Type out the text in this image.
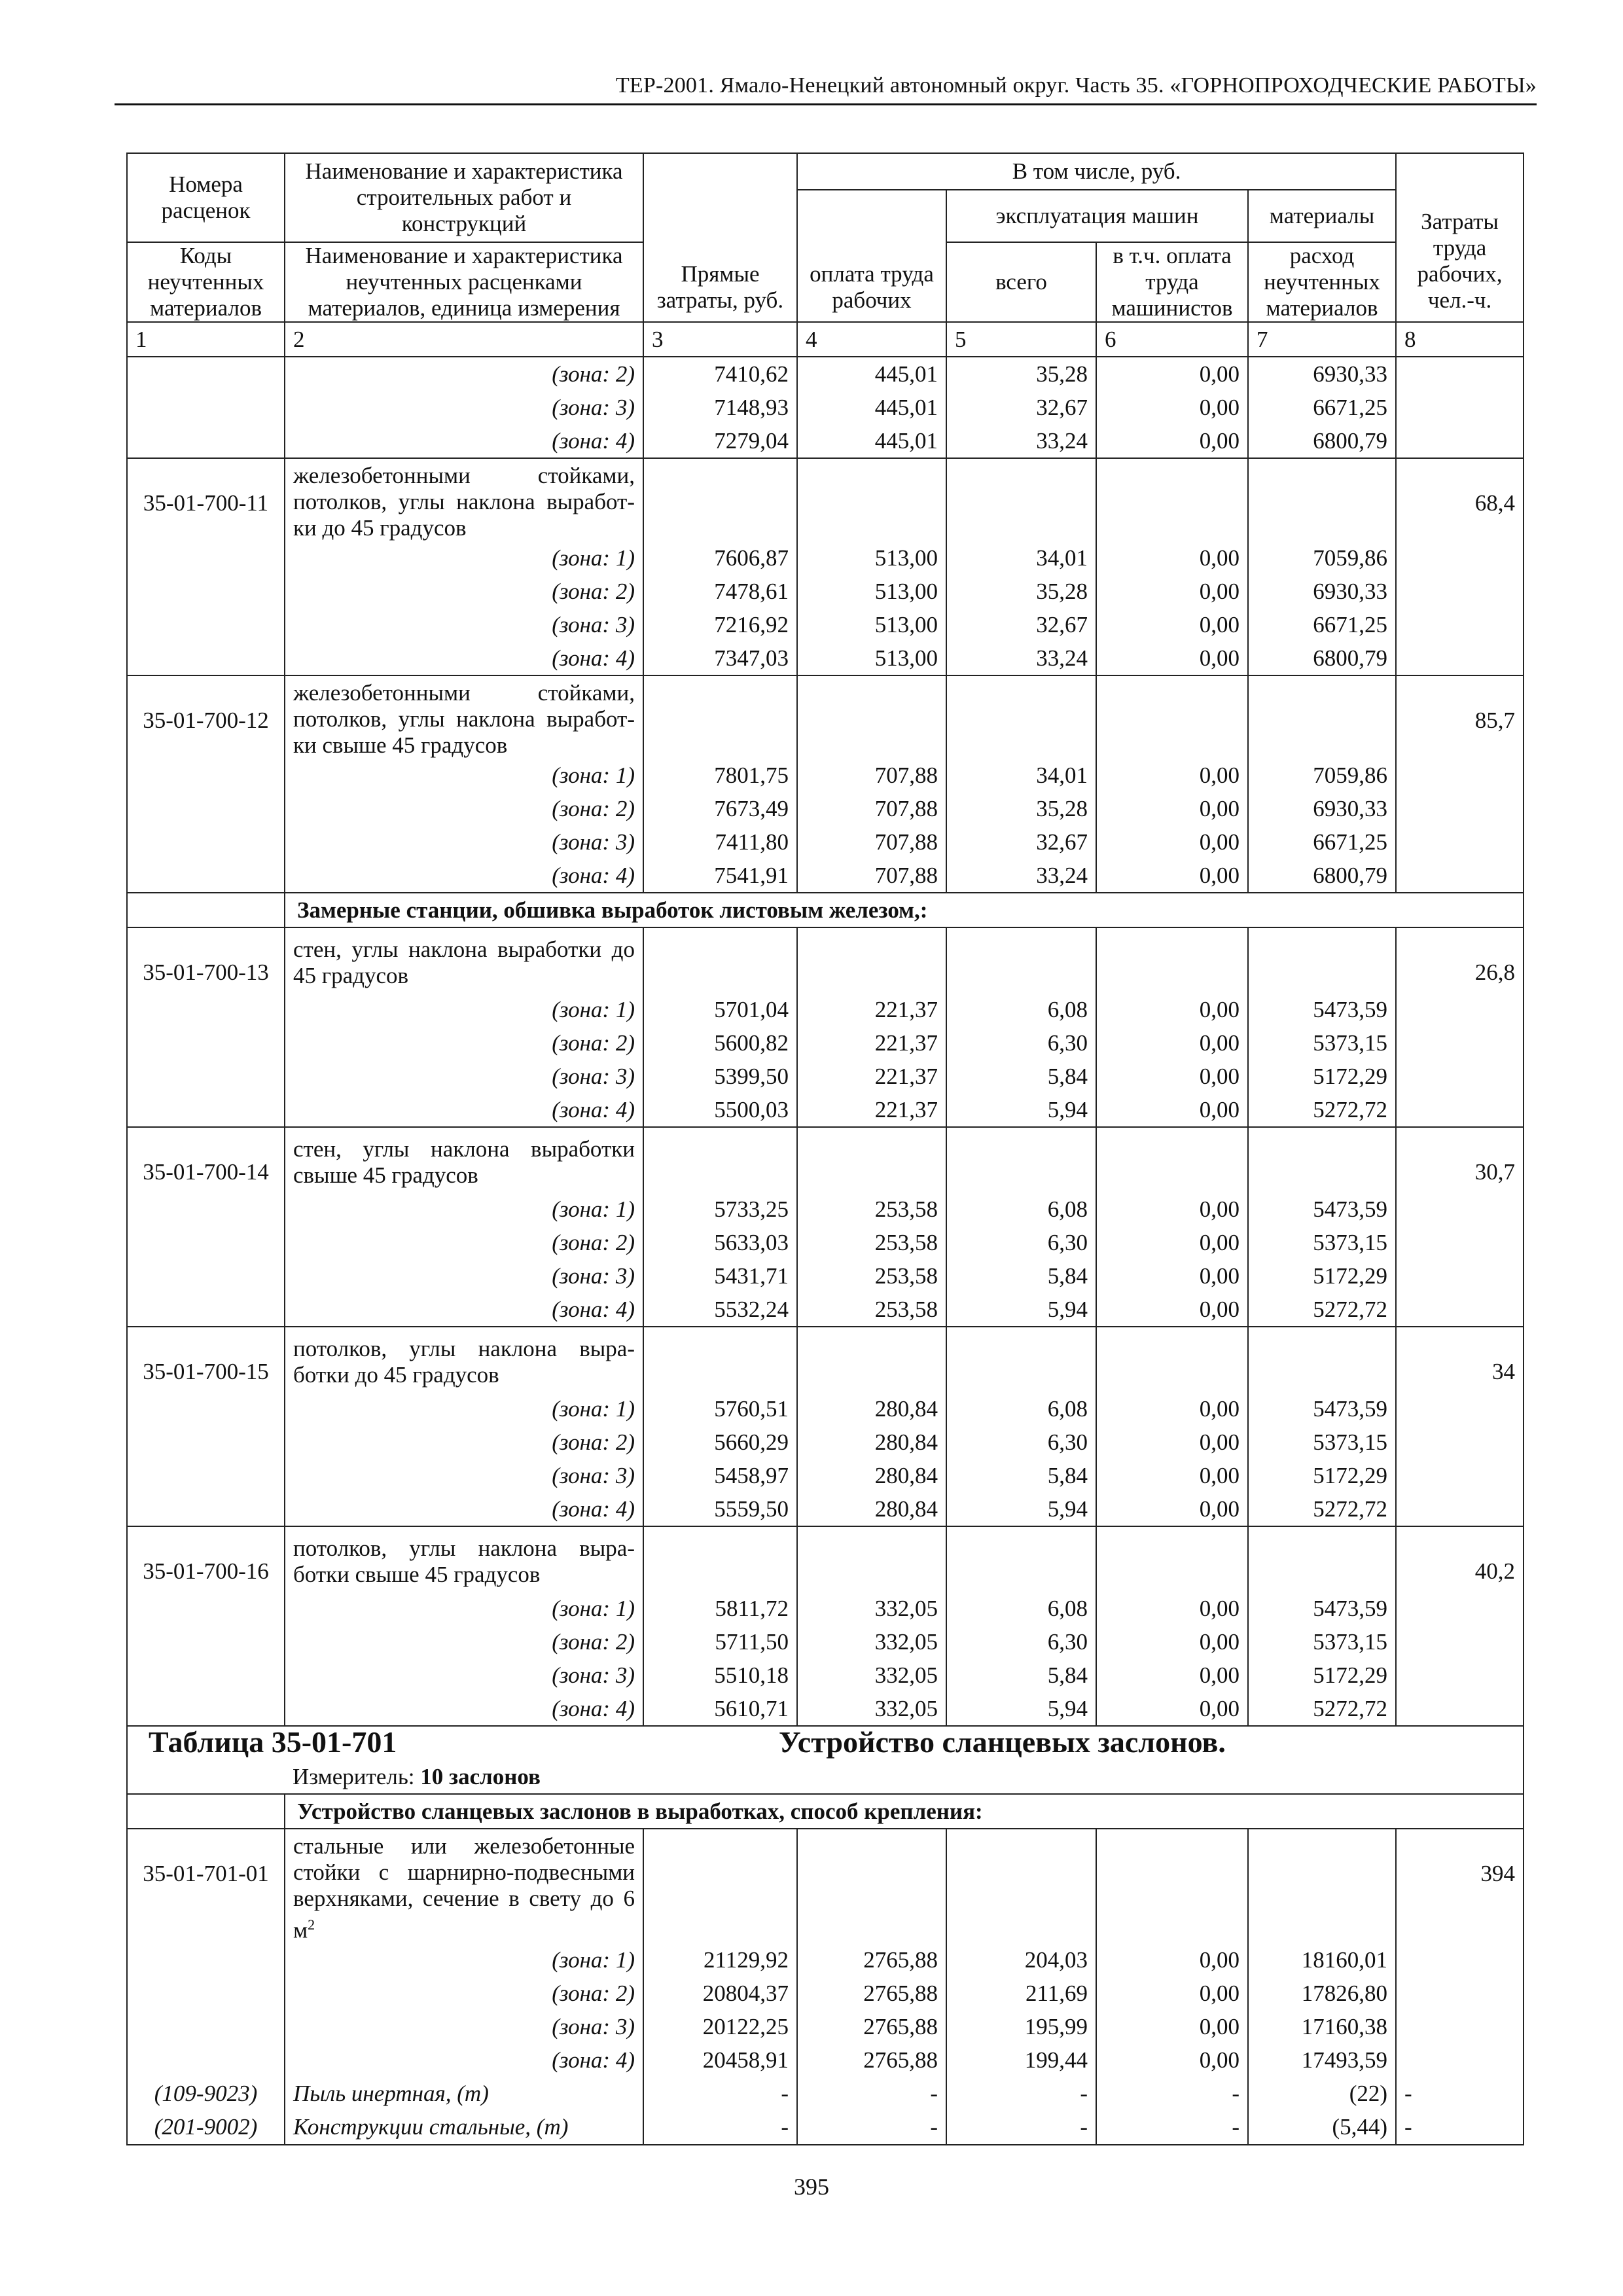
ТЕР-2001. Ямало-Ненецкий автономный округ. Часть 35. «ГОРНОПРОХОДЧЕСКИЕ РАБОТЫ»
Номера расценок	Наименование и характеристика строительных работ и конструкций	Прямые затраты, руб.	В том числе, руб.				Затраты труда рабочих, чел.-ч.
			оплата труда рабочих	эксплуатация машин		материалы	
Коды неучтенных материалов	Наименование и характеристика неучтенных расценками материалов, единица измерения			всего	в т.ч. оплата труда машинистов	расход неучтенных материалов	
1	2	3	4	5	6	7	8
	(зона: 2)	7410,62	445,01	35,28	0,00	6930,33	
	(зона: 3)	7148,93	445,01	32,67	0,00	6671,25	
	(зона: 4)	7279,04	445,01	33,24	0,00	6800,79	
35-01-700-11	железобетонными стойками, потолков, углы наклона выработ-ки до 45 градусов						68,4
	(зона: 1)	7606,87	513,00	34,01	0,00	7059,86	
	(зона: 2)	7478,61	513,00	35,28	0,00	6930,33	
	(зона: 3)	7216,92	513,00	32,67	0,00	6671,25	
	(зона: 4)	7347,03	513,00	33,24	0,00	6800,79	
35-01-700-12	железобетонными стойками, потолков, углы наклона выработ-ки свыше 45 градусов						85,7
	(зона: 1)	7801,75	707,88	34,01	0,00	7059,86	
	(зона: 2)	7673,49	707,88	35,28	0,00	6930,33	
	(зона: 3)	7411,80	707,88	32,67	0,00	6671,25	
	(зона: 4)	7541,91	707,88	33,24	0,00	6800,79	
	Замерные станции, обшивка выработок листовым железом,:						
35-01-700-13	стен, углы наклона выработки до 45 градусов						26,8
	(зона: 1)	5701,04	221,37	6,08	0,00	5473,59	
	(зона: 2)	5600,82	221,37	6,30	0,00	5373,15	
	(зона: 3)	5399,50	221,37	5,84	0,00	5172,29	
	(зона: 4)	5500,03	221,37	5,94	0,00	5272,72	
35-01-700-14	стен, углы наклона выработки свыше 45 градусов						30,7
	(зона: 1)	5733,25	253,58	6,08	0,00	5473,59	
	(зона: 2)	5633,03	253,58	6,30	0,00	5373,15	
	(зона: 3)	5431,71	253,58	5,84	0,00	5172,29	
	(зона: 4)	5532,24	253,58	5,94	0,00	5272,72	
35-01-700-15	потолков, углы наклона выра-ботки до 45 градусов						34
	(зона: 1)	5760,51	280,84	6,08	0,00	5473,59	
	(зона: 2)	5660,29	280,84	6,30	0,00	5373,15	
	(зона: 3)	5458,97	280,84	5,84	0,00	5172,29	
	(зона: 4)	5559,50	280,84	5,94	0,00	5272,72	
35-01-700-16	потолков, углы наклона выра-ботки свыше 45 градусов						40,2
	(зона: 1)	5811,72	332,05	6,08	0,00	5473,59	
	(зона: 2)	5711,50	332,05	6,30	0,00	5373,15	
	(зона: 3)	5510,18	332,05	5,84	0,00	5172,29	
	(зона: 4)	5610,71	332,05	5,94	0,00	5272,72	
Таблица 35-01-701 Устройство сланцевых заслонов.							

	Измеритель: 10 заслонов						
	Устройство сланцевых заслонов в выработках, способ крепления:						
35-01-701-01	стальные или железобетонные стойки с шарнирно-подвесными верхняками, сечение в свету до 6 $м^2$						394
	(зона: 1)	21129,92	2765,88	204,03	0,00	18160,01	
	(зона: 2)	20804,37	2765,88	211,69	0,00	17826,80	
	(зона: 3)	20122,25	2765,88	195,99	0,00	17160,38	
	(зона: 4)	20458,91	2765,88	199,44	0,00	17493,59	
(109-9023)	Пыль инертная, (т)	-	-	-	-	(22)	-
(201-9002)	Конструкции стальные, (т)	-	-	-	-	(5,44)	-
395
